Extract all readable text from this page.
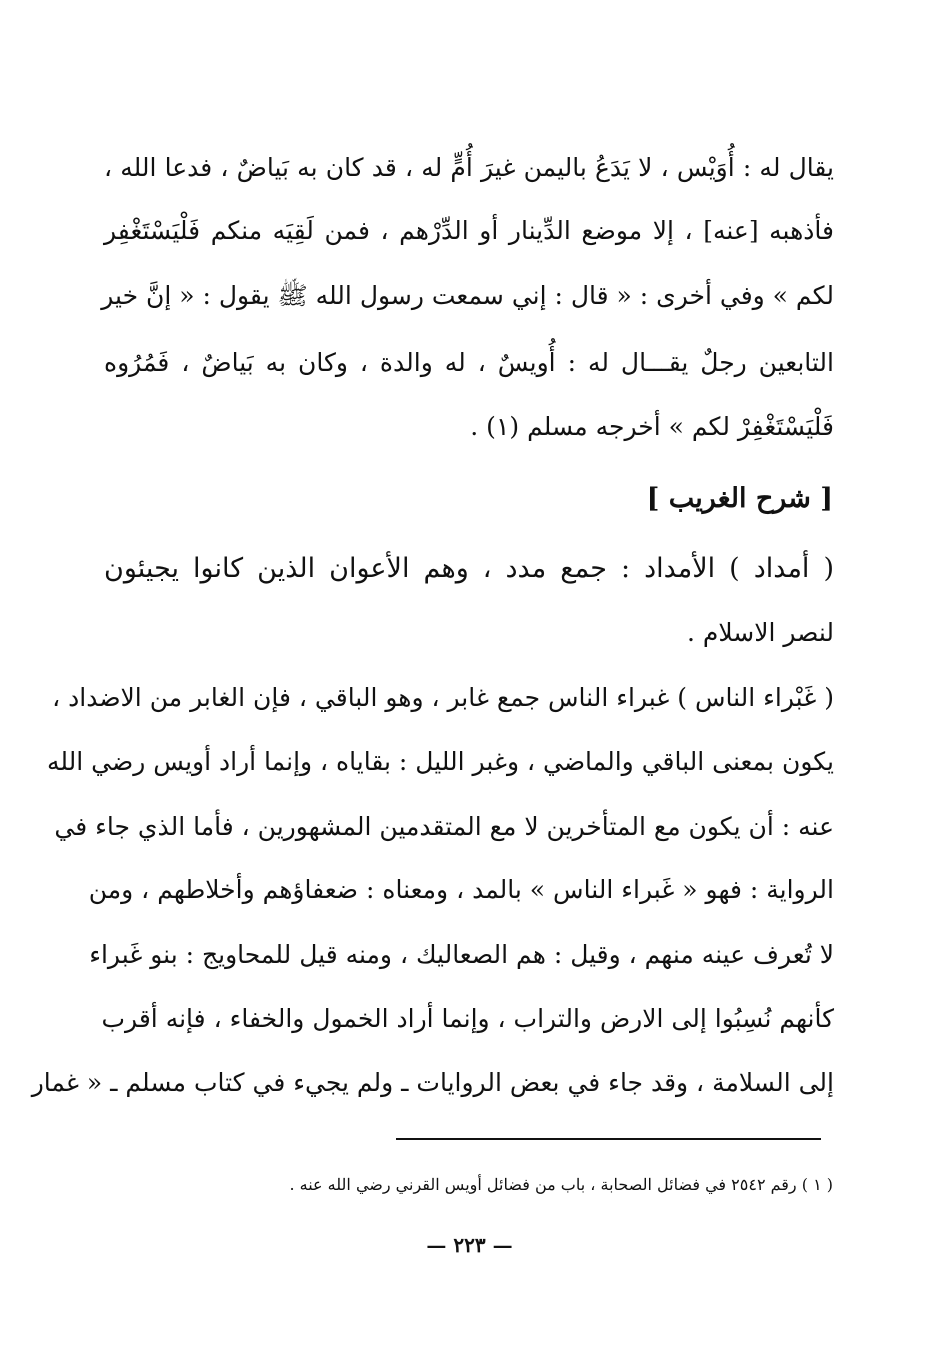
يقال له : أُوَيْس ، لا يَدَعُ باليمن غيرَ أُمٍّ له ، قد كان به بَياضٌ ، فدعا الله ،
فأذهبه [عنه] ، إلا موضع الدِّينار أو الدِّرْهم ، فمن لَقِيَه منكم فَلْيَسْتَغْفِر
لكم » وفي أخرى : « قال : إني سمعت رسول الله ﷺ يقول : « إنَّ خير
التابعين رجلٌ يقـــال له : أُويسٌ ، له والدة ، وكان به بَياضٌ ، فَمُرُوه
فَلْيَسْتَغْفِرْ لكم » أخرجه مسلم (١) .
[ شرح الغريب ]
( أمداد ) الأمداد : جمع مدد ، وهم الأعوان الذين كانوا يجيئون
لنصر الاسلام .
( غَبْراء الناس ) غبراء الناس جمع غابر ، وهو الباقي ، فإن الغابر من الاضداد ،
يكون بمعنى الباقي والماضي ، وغبر الليل : بقاياه ، وإنما أراد أويس رضي الله
عنه : أن يكون مع المتأخرين لا مع المتقدمين المشهورين ، فأما الذي جاء في
الرواية : فهو « غَبراء الناس » بالمد ، ومعناه : ضعفاؤهم وأخلاطهم ، ومن
لا تُعرف عينه منهم ، وقيل : هم الصعاليك ، ومنه قيل للمحاويج : بنو غَبراء
كأنهم نُسِبُوا إلى الارض والتراب ، وإنما أراد الخمول والخفاء ، فإنه أقرب
إلى السلامة ، وقد جاء في بعض الروايات ـ ولم يجيء في كتاب مسلم ـ « غمار
( ١ ) رقم ٢٥٤٢ في فضائل الصحابة ، باب من فضائل أويس القرني رضي الله عنه .
— ٢٢٣ —
